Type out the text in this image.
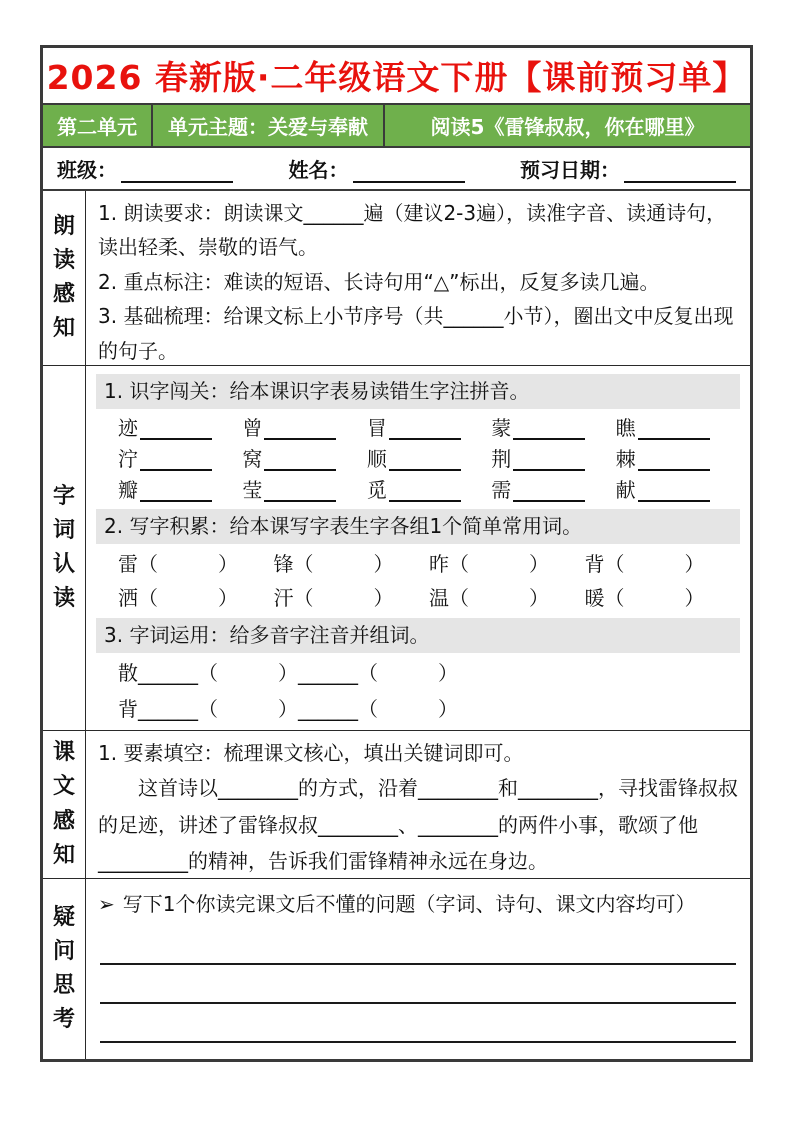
2026 春新版·二年级语文下册【课前预习单】
第二单元	单元主题：关爱与奉献	阅读5《雷锋叔叔，你在哪里》
班级：	姓名：	预习日期：
朗读感知
1. 朗读要求：朗读课文______遍（建议2-3遍），读准字音、读通诗句，读出轻柔、崇敬的语气。
2. 重点标注：难读的短语、长诗句用“△”标出，反复多读几遍。
3. 基础梳理：给课文标上小节序号（共______小节），圈出文中反复出现的句子。
字词认读
1. 识字闯关：给本课识字表易读错生字注拼音。
迹	曾	冒	蒙	瞧
泞	窝	顺	荆	棘
瓣	莹	觅	需	献
2. 写字积累：给本课写字表生字各组1个简单常用词。
雷（　　　）	锋（　　　）	昨（　　　）	背（　　　）
洒（　　　）	汗（　　　）	温（　　　）	暖（　　　）
3. 字词运用：给多音字注音并组词。
散______（　　　）______（　　　）
背______（　　　）______（　　　）
课文感知
1. 要素填空：梳理课文核心，填出关键词即可。
这首诗以________的方式，沿着________和________，寻找雷锋叔叔的足迹，讲述了雷锋叔叔________、________的两件小事，歌颂了他_________的精神，告诉我们雷锋精神永远在身边。
疑问思考
➢ 写下1个你读完课文后不懂的问题（字词、诗句、课文内容均可）
